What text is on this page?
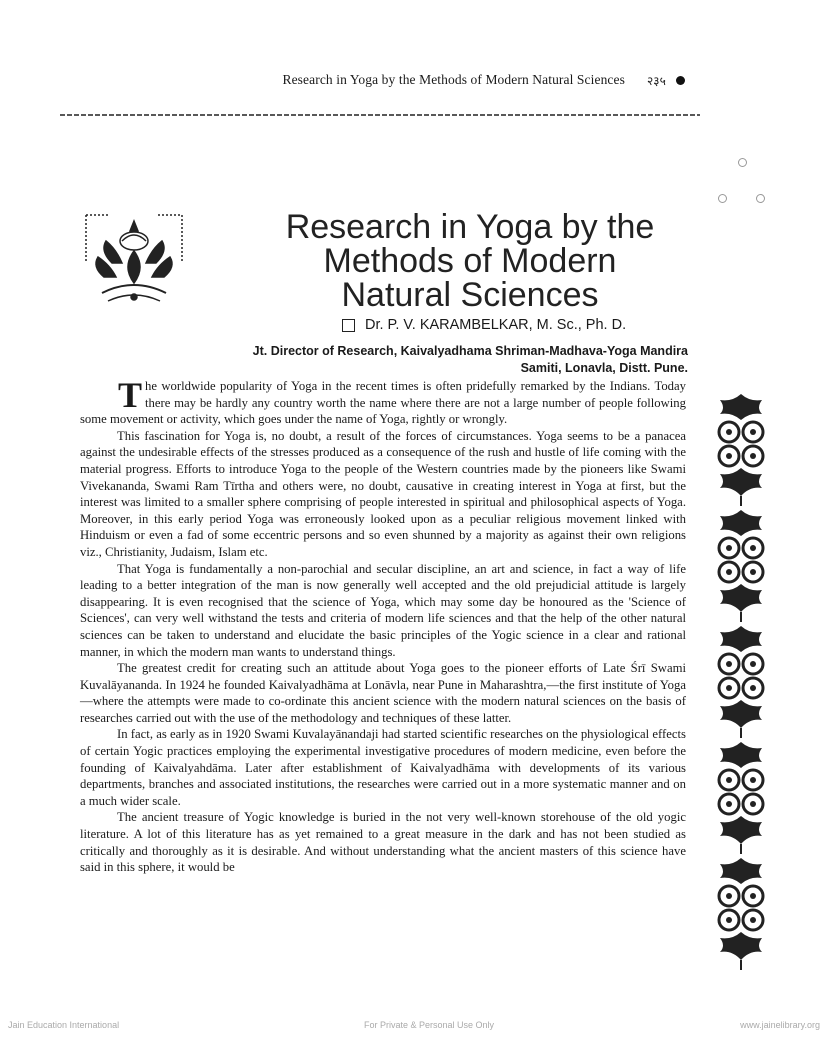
Research in Yoga by the Methods of Modern Natural Sciences २३५
Research in Yoga by the
Methods of Modern
Natural Sciences
Dr. P. V. KARAMBELKAR, M. Sc., Ph. D.
Jt. Director of Research, Kaivalyadhama Shriman-Madhava-Yoga Mandira
Samiti, Lonavla, Distt. Pune.

The worldwide popularity of Yoga in the recent times is often pridefully remarked by the Indians. Today there may be hardly any country worth the name where there are not a large number of people following some movement or activity, which goes under the name of Yoga, rightly or wrongly.

This fascination for Yoga is, no doubt, a result of the forces of circumstances. Yoga seems to be a panacea against the undesirable effects of the stresses produced as a consequence of the rush and hustle of life coming with the material progress. Efforts to introduce Yoga to the people of the Western countries made by the pioneers like Swami Vivekananda, Swami Ram Tīrtha and others were, no doubt, causative in creating interest in Yoga at first, but the interest was limited to a smaller sphere comprising of people interested in spiritual and philosophical aspects of Yoga. Moreover, in this early period Yoga was erroneously looked upon as a peculiar religious movement linked with Hinduism or even a fad of some eccentric persons and so even shunned by a majority as against their own religions viz., Christianity, Judaism, Islam etc.

That Yoga is fundamentally a non-parochial and secular discipline, an art and science, in fact a way of life leading to a better integration of the man is now generally well accepted and the old prejudicial attitude is largely disappearing. It is even recognised that the science of Yoga, which may some day be honoured as the 'Science of Sciences', can very well withstand the tests and criteria of modern life sciences and that the help of the other natural sciences can be taken to understand and elucidate the basic principles of the Yogic science in a clear and rational manner, in which the modern man wants to understand things.

The greatest credit for creating such an attitude about Yoga goes to the pioneer efforts of Late Śrī Swami Kuvalāyananda. In 1924 he founded Kaivalyadhāma at Lonāvla, near Pune in Maharashtra,—the first institute of Yoga—where the attempts were made to co-ordinate this ancient science with the modern natural sciences on the basis of researches carried out with the use of the methodology and techniques of these latter.

In fact, as early as in 1920 Swami Kuvalayānandaji had started scientific researches on the physiological effects of certain Yogic practices employing the experimental investigative procedures of modern medicine, even before the founding of Kaivalyahdāma. Later after establishment of Kaivalyadhāma with developments of its various departments, branches and associated institutions, the researches were carried out in a more systematic manner and on a much wider scale.

The ancient treasure of Yogic knowledge is buried in the not very well-known storehouse of the old yogic literature. A lot of this literature has as yet remained to a great measure in the dark and has not been studied as critically and thoroughly as it is desirable. And without understanding what the ancient masters of this science have said in this sphere, it would be

Jain Education International	For Private & Personal Use Only	www.jainelibrary.org
